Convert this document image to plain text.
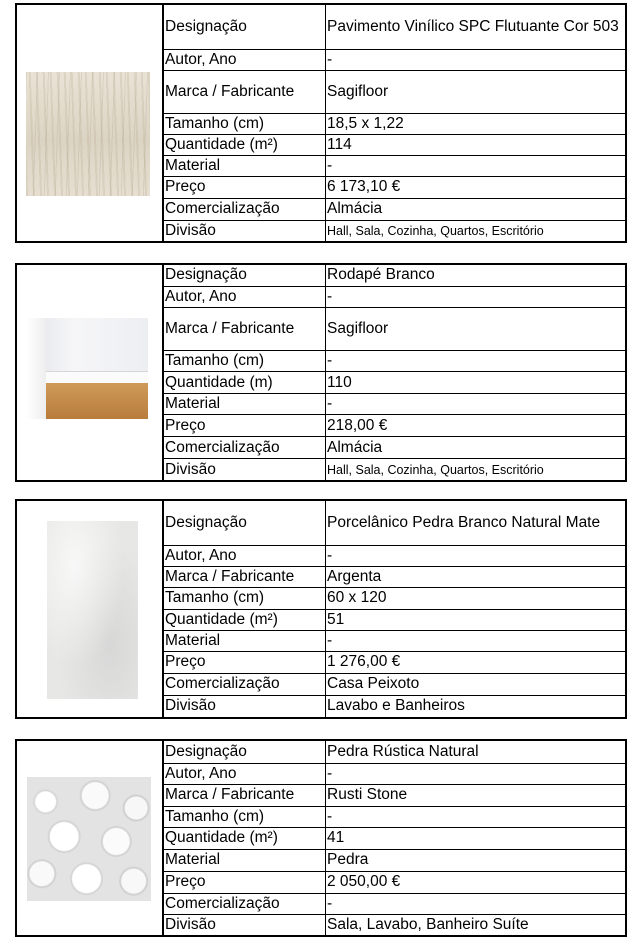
Designação	Pavimento Vinílico SPC Flutuante Cor 503
Autor, Ano	-
Marca / Fabricante	Sagifloor
Tamanho (cm)	18,5 x 1,22
Quantidade (m²)	114
Material	-
Preço	6 173,10 €
Comercialização	Almácia
Divisão	Hall, Sala, Cozinha, Quartos, Escritório
Designação	Rodapé Branco
Autor, Ano	-
Marca / Fabricante	Sagifloor
Tamanho (cm)	-
Quantidade (m)	110
Material	-
Preço	218,00 €
Comercialização	Almácia
Divisão	Hall, Sala, Cozinha, Quartos, Escritório
Designação	Porcelânico Pedra Branco Natural Mate
Autor, Ano	-
Marca / Fabricante	Argenta
Tamanho (cm)	60 x 120
Quantidade (m²)	51
Material	-
Preço	1 276,00 €
Comercialização	Casa Peixoto
Divisão	Lavabo e Banheiros
Designação	Pedra Rústica Natural
Autor, Ano	-
Marca / Fabricante	Rusti Stone
Tamanho (cm)	-
Quantidade (m²)	41
Material	Pedra
Preço	2 050,00 €
Comercialização	-
Divisão	Sala, Lavabo, Banheiro Suíte
